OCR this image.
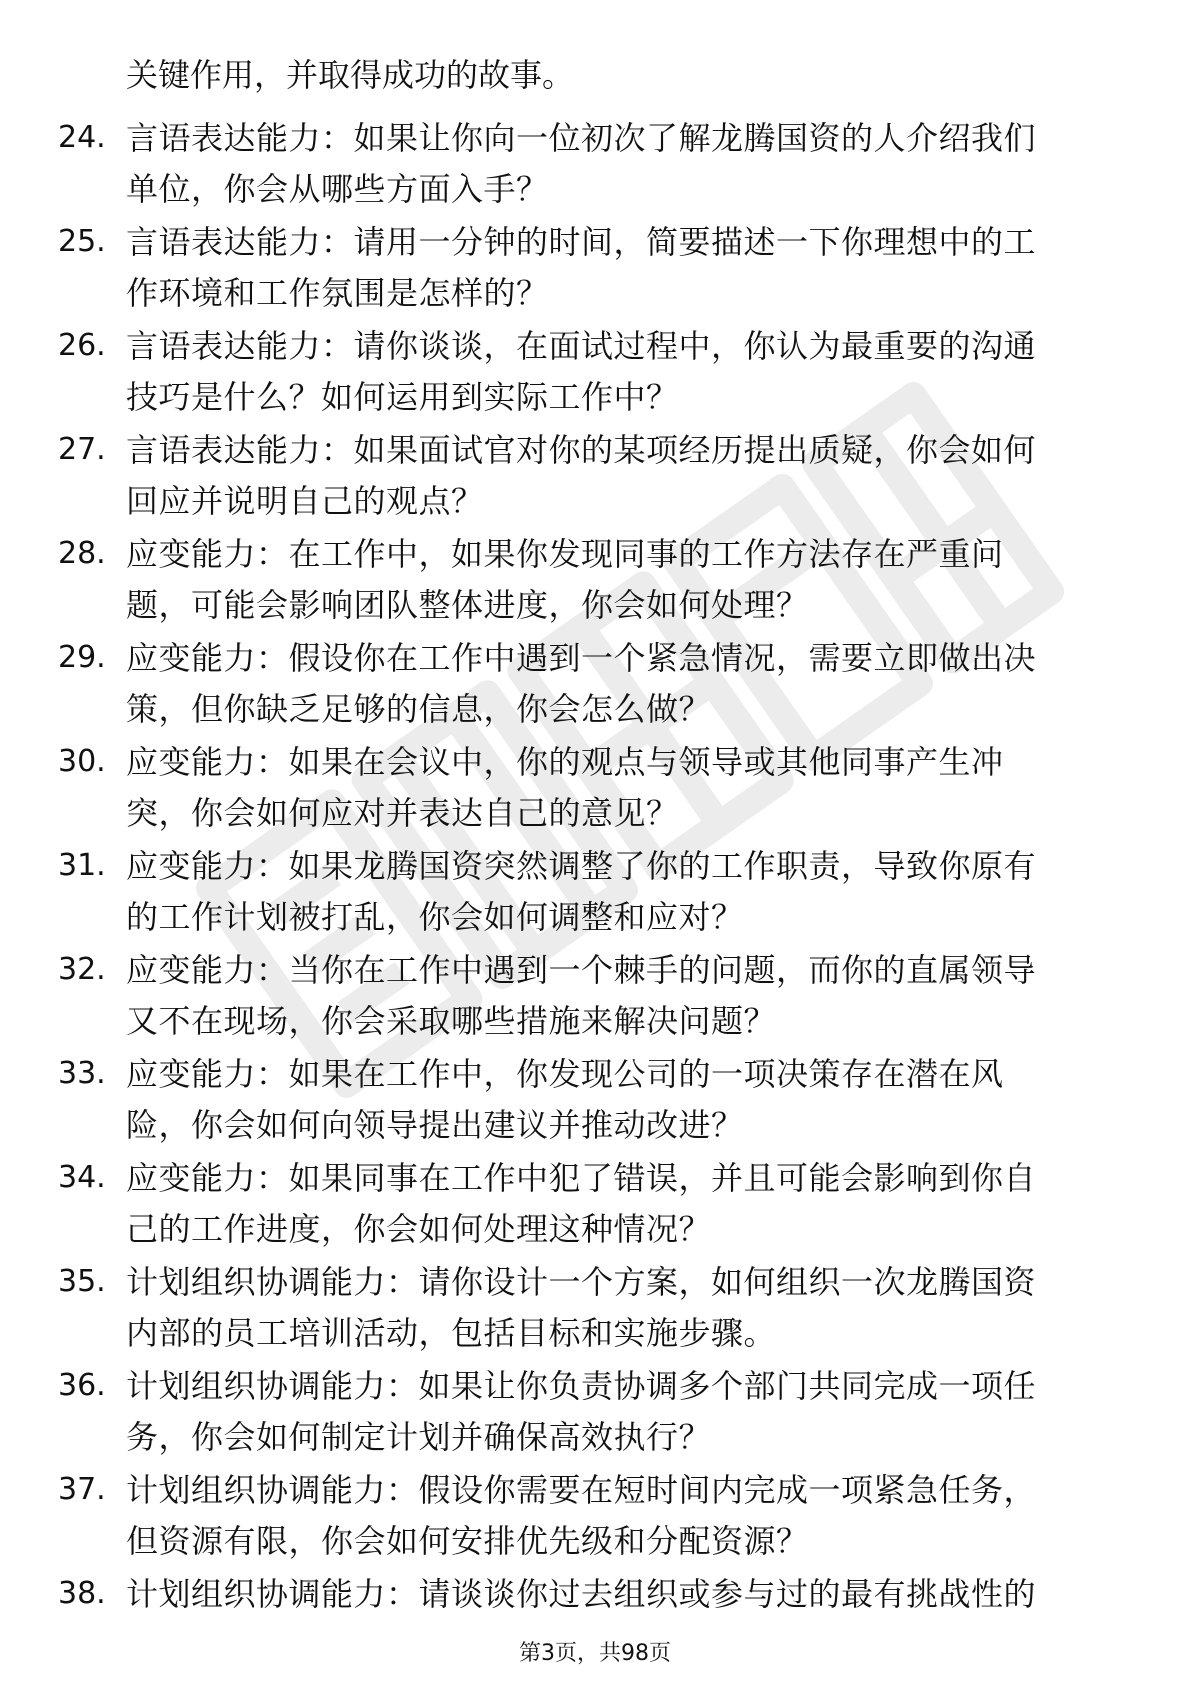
关键作用，并取得成功的故事。
24. 言语表达能力：如果让你向一位初次了解龙腾国资的人介绍我们
单位，你会从哪些方面入手？
25. 言语表达能力：请用一分钟的时间，简要描述一下你理想中的工
作环境和工作氛围是怎样的？
26. 言语表达能力：请你谈谈，在面试过程中，你认为最重要的沟通
技巧是什么？如何运用到实际工作中？
27. 言语表达能力：如果面试官对你的某项经历提出质疑，你会如何
回应并说明自己的观点？
28. 应变能力：在工作中，如果你发现同事的工作方法存在严重问
题，可能会影响团队整体进度，你会如何处理？
29. 应变能力：假设你在工作中遇到一个紧急情况，需要立即做出决
策，但你缺乏足够的信息，你会怎么做？
30. 应变能力：如果在会议中，你的观点与领导或其他同事产生冲
突，你会如何应对并表达自己的意见？
31. 应变能力：如果龙腾国资突然调整了你的工作职责，导致你原有
的工作计划被打乱，你会如何调整和应对？
32. 应变能力：当你在工作中遇到一个棘手的问题，而你的直属领导
又不在现场，你会采取哪些措施来解决问题？
33. 应变能力：如果在工作中，你发现公司的一项决策存在潜在风
险，你会如何向领导提出建议并推动改进？
34. 应变能力：如果同事在工作中犯了错误，并且可能会影响到你自
己的工作进度，你会如何处理这种情况？
35. 计划组织协调能力：请你设计一个方案，如何组织一次龙腾国资
内部的员工培训活动，包括目标和实施步骤。
36. 计划组织协调能力：如果让你负责协调多个部门共同完成一项任
务，你会如何制定计划并确保高效执行？
37. 计划组织协调能力：假设你需要在短时间内完成一项紧急任务，
但资源有限，你会如何安排优先级和分配资源？
38. 计划组织协调能力：请谈谈你过去组织或参与过的最有挑战性的
第3页，共98页
